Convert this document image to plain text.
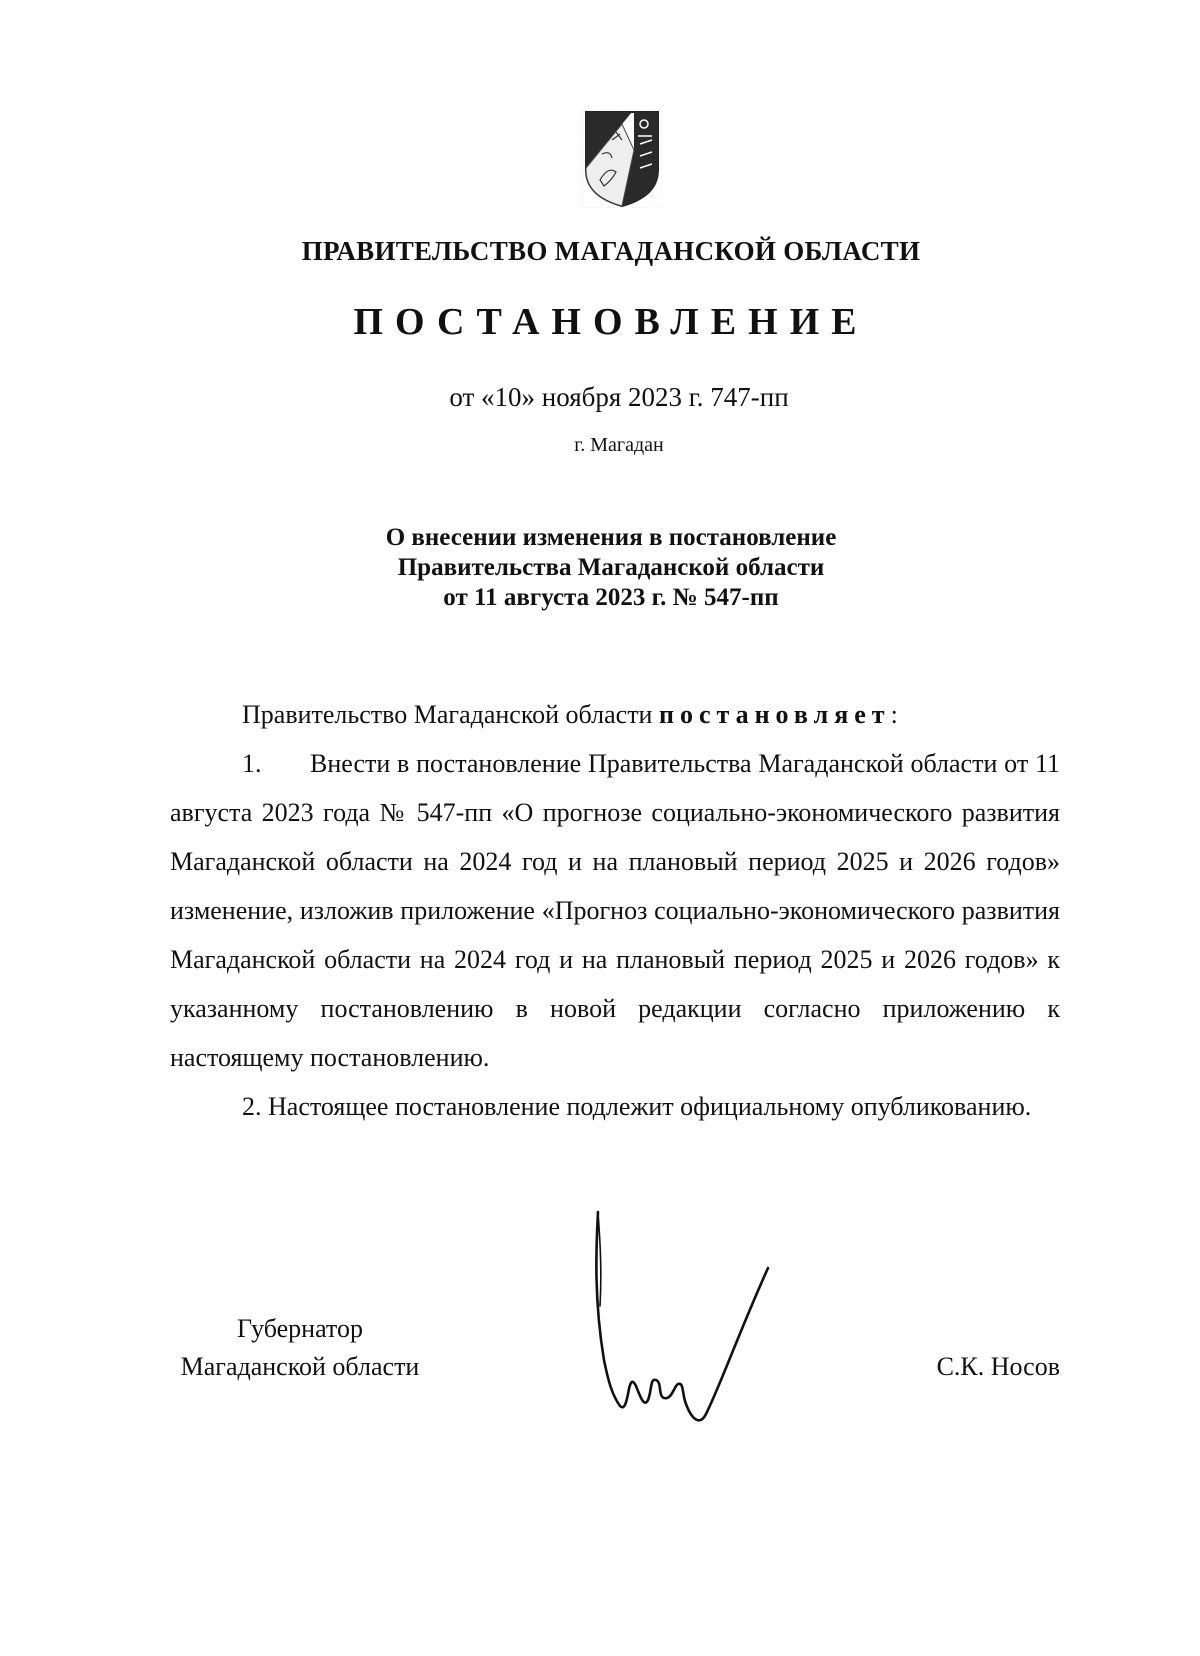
ПРАВИТЕЛЬСТВО МАГАДАНСКОЙ ОБЛАСТИ
ПОСТАНОВЛЕНИЕ
от «10» ноября 2023 г. 747-пп
г. Магадан
О внесении изменения в постановление
Правительства Магаданской области
от 11 августа 2023 г. № 547-пп

Правительство Магаданской области постановляет:

1. Внести в постановление Правительства Магаданской области от 11 августа 2023 года № 547-пп «О прогнозе социально-экономического развития Магаданской области на 2024 год и на плановый период 2025 и 2026 годов» изменение, изложив приложение «Прогноз социально-экономического развития Магаданской области на 2024 год и на плановый период 2025 и 2026 годов» к указанному постановлению в новой редакции согласно приложению к настоящему постановлению.

2. Настоящее постановление подлежит официальному опубликованию.

Губернатор
Магаданской области	С.К. Носов
